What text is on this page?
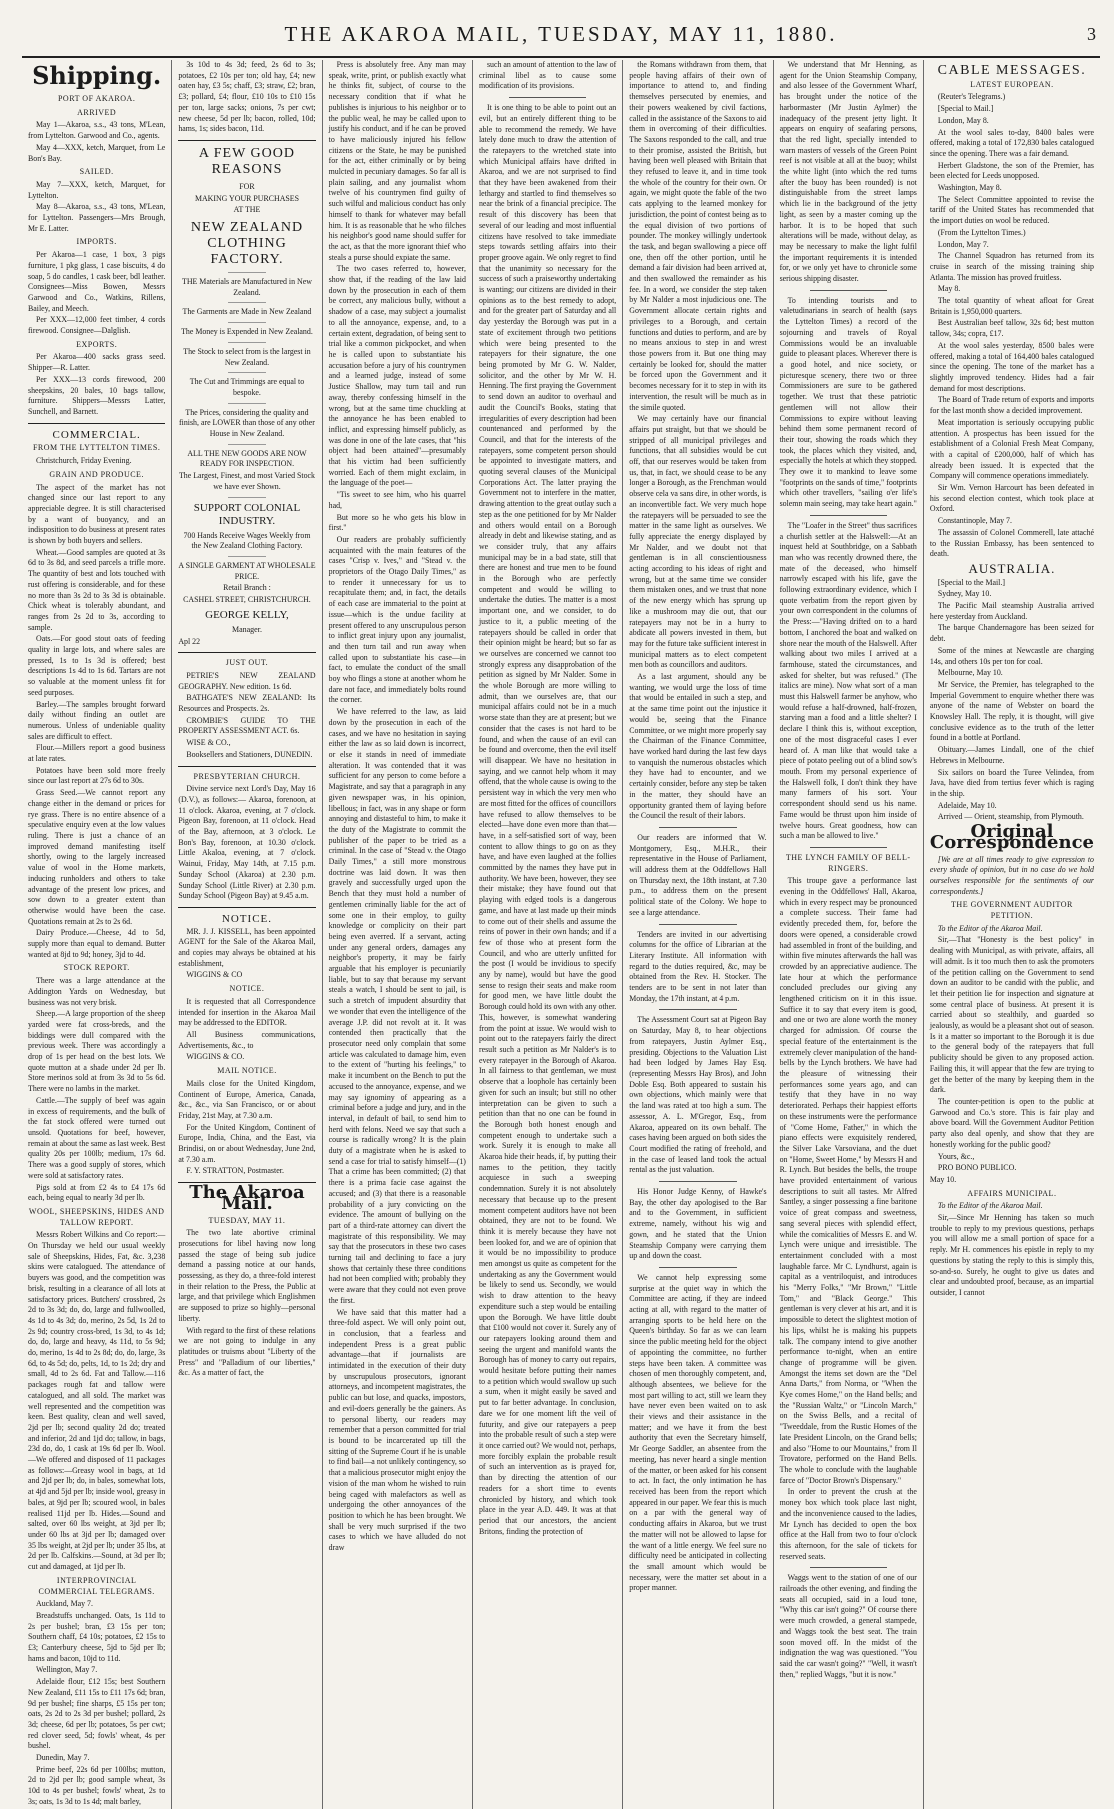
THE AKAROA MAIL, TUESDAY, MAY 11, 1880.	3
Shipping.
PORT OF AKAROA.
ARRIVED

May 1—Akaroa, s.s., 43 tons, M'Lean, from Lyttelton. Garwood and Co., agents.

May 4—XXX, ketch, Marquet, from Le Bon's Bay.

SAILED.

May 7—XXX, ketch, Marquet, for Lyttelton.

May 8—Akaroa, s.s., 43 tons, M'Lean, for Lyttelton. Passengers—Mrs Brough, Mr E. Latter.

IMPORTS.

Per Akaroa—1 case, 1 box, 3 pigs furniture, 1 pkg glass, 1 case biscuits, 4 do soap, 5 do candles, 1 cask beer, bdl leather. Consignees—Miss Bowen, Messrs Garwood and Co., Watkins, Rillens, Bailey, and Meech.

Per XXX—12,000 feet timber, 4 cords firewood. Consignee—Dalglish.

EXPORTS.

Per Akaroa—400 sacks grass seed. Shipper—R. Latter.

Per XXX—13 cords firewood, 200 sheepskins, 20 bales, 10 bags tallow, furniture. Shippers—Messrs Latter, Sunchell, and Barnett.

COMMERCIAL.
FROM THE LYTTELTON TIMES.

Christchurch, Friday Evening.

GRAIN AND PRODUCE.

The aspect of the market has not changed since our last report to any appreciable degree. It is still characterised by a want of buoyancy, and an indisposition to do business at present rates is shown by both buyers and sellers.

Wheat.—Good samples are quoted at 3s 6d to 3s 8d, and seed parcels a trifle more. The quantity of best and lots touched with rust offering is considerable, and for these no more than 3s 2d to 3s 3d is obtainable. Chick wheat is tolerably abundant, and ranges from 2s 2d to 3s, according to sample.

Oats.—For good stout oats of feeding quality in large lots, and where sales are pressed, 1s to 1s 3d is offered; best descriptions 1s 4d to 1s 6d. Tartars are not so valuable at the moment unless fit for seed purposes.

Barley.—The samples brought forward daily without finding an outlet are numerous. Unless of undeniable quality sales are difficult to effect.

Flour.—Millers report a good business at late rates.

Potatoes have been sold more freely since our last report at 27s 6d to 30s.

Grass Seed.—We cannot report any change either in the demand or prices for rye grass. There is no entire absence of a speculative enquiry even at the low values ruling. There is just a chance of an improved demand manifesting itself shortly, owing to the largely increased value of wool in the Home markets, inducing runholders and others to take advantage of the present low prices, and sow down to a greater extent than otherwise would have been the case. Quotations remain at 2s to 2s 6d.

Dairy Produce.—Cheese, 4d to 5d, supply more than equal to demand. Butter wanted at 8jd to 9d; honey, 3jd to 4d.

STOCK REPORT.

There was a large attendance at the Addington Yards on Wednesday, but business was not very brisk.

Sheep.—A large proportion of the sheep yarded were fat cross-breds, and the biddings were dull compared with the previous week. There was accordingly a drop of 1s per head on the best lots. We quote mutton at a shade under 2d per lb. Store merinos sold at from 3s 3d to 5s 6d. There were no lambs in the market.

Cattle.—The supply of beef was again in excess of requirements, and the bulk of the fat stock offered were turned out unsold. Quotations for beef, however, remain at about the same as last week. Best quality 20s per 100lb; medium, 17s 6d. There was a good supply of stores, which were sold at satisfactory rates.

Pigs sold at from £2 4s to £4 17s 6d each, being equal to nearly 3d per lb.

WOOL, SHEEPSKINS, HIDES AND TALLOW REPORT.

Messrs Robert Wilkins and Co report:—On Thursday we held our usual weekly sale of Sheepskins, Hides, Fat, &c. 3,238 skins were catalogued. The attendance of buyers was good, and the competition was brisk, resulting in a clearance of all lots at satisfactory prices. Butchers' crossbred, 2s 2d to 3s 3d; do, do, large and fullwoolled, 4s 1d to 4s 3d; do, merino, 2s 5d, 1s 2d to 2s 9d; country cross-bred, 1s 3d, to 4s 1d; do, do, large and heavy, 4s 11d, to 5s 9d; do, merino, 1s 4d to 2s 8d; do, do, large, 3s 6d, to 4s 5d; do, pelts, 1d, to 1s 2d; dry and small, 4d to 2s 6d. Fat and Tallow.—116 packages rough fat and tallow were catalogued, and all sold. The market was well represented and the competition was keen. Best quality, clean and well saved, 2jd per lb; second quality 2d do; treated and inferior, 2d and 1jd do; tallow, in bags, 23d do, do, 1 cask at 19s 6d per lb. Wool.—We offered and disposed of 11 packages as follows:—Greasy wool in bags, at 1d and 2jd per lb; do, in bales, somewhat lots, at 4jd and 5jd per lb; inside wool, greasy in bales, at 9jd per lb; scoured wool, in bales realised 11jd per lb. Hides.—Sound and salted, over 60 lbs weight, at 3jd per lb; under 60 lbs at 3jd per lb; damaged over 35 lbs weight, at 2jd per lb; under 35 lbs, at 2d per lb. Calfskins.—Sound, at 3d per lb; cut and damaged, at 1jd per lb.

INTERPROVINCIAL COMMERCIAL TELEGRAMS.

Auckland, May 7.

Breadstuffs unchanged. Oats, 1s 11d to 2s per bushel; bran, £3 15s per ton; Southern chaff, £4 10s; potatoes, £2 15s to £3; Canterbury cheese, 5jd to 5jd per lb; hams and bacon, 10jd to 11d.

Wellington, May 7.

Adelaide flour, £12 15s; best Southern New Zealand, £11 15s to £11 17s 6d; bran, 9d per bushel; fine sharps, £5 15s per ton; oats, 2s 2d to 2s 3d per bushel; pollard, 2s 3d; cheese, 6d per lb; potatoes, 5s per cwt; red clover seed, 5d; fowls' wheat, 4s per bushel.

Dunedin, May 7.

Prime beef, 22s 6d per 100lbs; mutton, 2d to 2jd per lb; good sample wheat, 3s 10d to 4s per bushel; fowls' wheat, 2s to 3s; oats, 1s 3d to 1s 4d; malt barley,

3s 10d to 4s 3d; feed, 2s 6d to 3s; potatoes, £2 10s per ton; old hay, £4; new oaten hay, £3 5s; chaff, £3; straw, £2; bran, £3; pollard, £4; flour, £10 10s to £10 15s per ton, large sacks; onions, 7s per cwt; new cheese, 5d per lb; bacon, rolled, 10d; hams, 1s; sides bacon, 11d.

A FEW GOOD REASONS

FOR

MAKING YOUR PURCHASES

AT THE

NEW ZEALAND CLOTHING FACTORY.

THE Materials are Manufactured in New Zealand.

The Garments are Made in New Zealand

The Money is Expended in New Zealand.

The Stock to select from is the largest in New Zealand.

The Cut and Trimmings are equal to bespoke.

The Prices, considering the quality and finish, are LOWER than those of any other House in New Zealand.

ALL THE NEW GOODS ARE NOW READY FOR INSPECTION.

The Largest, Finest, and most Varied Stock we have ever Shown.

SUPPORT COLONIAL INDUSTRY.

700 Hands Receive Wages Weekly from the New Zealand Clothing Factory.

A SINGLE GARMENT AT WHOLESALE PRICE.

Retail Branch :

CASHEL STREET, CHRISTCHURCH.

GEORGE KELLY,

Manager.

Apl 22

JUST OUT.

PETRIE'S NEW ZEALAND GEOGRAPHY. New edition. 1s 6d.

BATHGATE'S NEW ZEALAND: Its Resources and Prospects. 2s.

CROMBIE'S GUIDE TO THE PROPERTY ASSESSMENT ACT. 6s.

WISE & CO.,

Booksellers and Stationers, DUNEDIN.

PRESBYTERIAN CHURCH.

Divine service next Lord's Day, May 16 (D.V.), as follows:— Akaroa, forenoon, at 11 o'clock. Akaroa, evening, at 7 o'clock. Pigeon Bay, forenoon, at 11 o'clock. Head of the Bay, afternoon, at 3 o'clock. Le Bon's Bay, forenoon, at 10.30 o'clock. Little Akaloa, evening, at 7 o'clock. Wainui, Friday, May 14th, at 7.15 p.m. Sunday School (Akaroa) at 2.30 p.m. Sunday School (Little River) at 2.30 p.m. Sunday School (Pigeon Bay) at 9.45 a.m.

NOTICE.

MR. J. J. KISSELL, has been appointed AGENT for the Sale of the Akaroa Mail, and copies may always be obtained at his establishment,

WIGGINS & CO

NOTICE.

It is requested that all Correspondence intended for insertion in the Akaroa Mail may be addressed to the EDITOR.

All Business communications, Advertisements, &c., to

WIGGINS & CO.

MAIL NOTICE.

Mails close for the United Kingdom, Continent of Europe, America, Canada, &c., &c., via San Francisco, or or about Friday, 21st May, at 7.30 a.m.

For the United Kingdom, Continent of Europe, India, China, and the East, via Brindisi, on or about Wednesday, June 2nd, at 7.30 a.m.

F. Y. STRATTON, Postmaster.

The Akaroa Mail.
TUESDAY, MAY 11.

The two late abortive criminal prosecutions for libel having now long passed the stage of being sub judice demand a passing notice at our hands, possessing, as they do, a three-fold interest in their relation to the Press, the Public at large, and that privilege which Englishmen are supposed to prize so highly—personal liberty.

With regard to the first of these relations we are not going to indulge in any platitudes or truisms about "Liberty of the Press" and "Palladium of our liberties," &c. As a matter of fact, the

Press is absolutely free. Any man may speak, write, print, or publish exactly what he thinks fit, subject, of course to the necessary condition that if what he publishes is injurious to his neighbor or to the public weal, he may be called upon to justify his conduct, and if he can be proved to have maliciously injured his fellow citizens or the State, he may be punished for the act, either criminally or by being mulcted in pecuniary damages. So far all is plain sailing, and any journalist whom twelve of his countrymen find guilty of such wilful and malicious conduct has only himself to thank for whatever may befall him. It is as reasonable that he who filches his neighbor's good name should suffer for the act, as that the more ignorant thief who steals a purse should expiate the same.

The two cases referred to, however, show that, if the reading of the law laid down by the prosecution in each of them be correct, any malicious bully, without a shadow of a case, may subject a journalist to all the annoyance, expense, and, to a certain extent, degradation, of being sent to trial like a common pickpocket, and when he is called upon to substantiate his accusation before a jury of his countrymen and a learned judge, instead of some Justice Shallow, may turn tail and run away, thereby confessing himself in the wrong, but at the same time chuckling at the annoyance he has been enabled to inflict, and expressing himself publicly, as was done in one of the late cases, that "his object had been attained"—presumably that his victim had been sufficiently worried. Each of them might exclaim, in the language of the poet—

"Tis sweet to see him, who his quarrel had,

But more so he who gets his blow in first."

Our readers are probably sufficiently acquainted with the main features of the cases "Crisp v. Ives," and "Stead v. the proprietors of the Otago Daily Times," as to render it unnecessary for us to recapitulate them; and, in fact, the details of each case are immaterial to the point at issue—which is the undue facility at present offered to any unscrupulous person to inflict great injury upon any journalist, and then turn tail and run away when called upon to substantiate his case—in fact, to emulate the conduct of the small boy who flings a stone at another whom he dare not face, and immediately bolts round the corner.

We have referred to the law, as laid down by the prosecution in each of the cases, and we have no hesitation in saying either the law as so laid down is incorrect, or else it stands in need of immediate alteration. It was contended that it was sufficient for any person to come before a Magistrate, and say that a paragraph in any given newspaper was, in his opinion, libellous; in fact, was in any shape or form annoying and distasteful to him, to make it the duty of the Magistrate to commit the publisher of the paper to be tried as a criminal. In the case of "Stead v. the Otago Daily Times," a still more monstrous doctrine was laid down. It was then gravely and successfully urged upon the Bench that they must hold a number of gentlemen criminally liable for the act of some one in their employ, to guilty knowledge or complicity on their part being even averred. If a servant, acting under any general orders, damages any neighbor's property, it may be fairly arguable that his employer is pecuniarily liable, but to say that because my servant steals a watch, I should be sent to jail, is such a stretch of impudent absurdity that we wonder that even the intelligence of the average J.P. did not revolt at it. It was contended then practically that the prosecutor need only complain that some article was calculated to damage him, even to the extent of "hurting his feelings," to make it incumbent on the Bench to put the accused to the annoyance, expense, and we may say ignominy of appearing as a criminal before a judge and jury, and in the interval, in default of bail, to send him to herd with felons. Need we say that such a course is radically wrong? It is the plain duty of a magistrate when he is asked to send a case for trial to satisfy himself—(1) That a crime has been committed; (2) that there is a prima facie case against the accused; and (3) that there is a reasonable probability of a jury convicting on the evidence. The amount of bullying on the part of a third-rate attorney can divert the magistrate of this responsibility. We may say that the prosecutors in these two cases turning tail and declining to face a jury shows that certainly these three conditions had not been complied with; probably they were aware that they could not even prove the first.

We have said that this matter had a three-fold aspect. We will only point out, in conclusion, that a fearless and independent Press is a great public advantage—that if journalists are intimidated in the execution of their duty by unscrupulous prosecutors, ignorant attorneys, and incompetent magistrates, the public can but lose, and quacks, impostors, and evil-doers generally be the gainers. As to personal liberty, our readers may remember that a person committed for trial is bound to be incarcerated up till the sitting of the Supreme Court if he is unable to find bail—a not unlikely contingency, so that a malicious prosecutor might enjoy the vision of the man whom he wished to ruin being caged with malefactors as well as undergoing the other annoyances of the position to which he has been brought. We shall be very much surprised if the two cases to which we have alluded do not draw

such an amount of attention to the law of criminal libel as to cause some modification of its provisions.

It is one thing to be able to point out an evil, but an entirely different thing to be able to recommend the remedy. We have lately done much to draw the attention of the ratepayers to the wretched state into which Municipal affairs have drifted in Akaroa, and we are not surprised to find that they have been awakened from their lethargy and startled to find themselves so near the brink of a financial precipice. The result of this discovery has been that several of our leading and most influential citizens have resolved to take immediate steps towards settling affairs into their proper groove again. We only regret to find that the unanimity so necessary for the success of such a praiseworthy undertaking is wanting; our citizens are divided in their opinions as to the best remedy to adopt, and for the greater part of Saturday and all day yesterday the Borough was put in a state of excitement through two petitions which were being presented to the ratepayers for their signature, the one being promoted by Mr G. W. Nalder, solicitor, and the other by Mr W. H. Henning. The first praying the Government to send down an auditor to overhaul and audit the Council's Books, stating that irregularities of every description had been countenanced and performed by the Council, and that for the interests of the ratepayers, some competent person should be appointed to investigate matters, and quoting several clauses of the Municipal Corporations Act. The latter praying the Government not to interfere in the matter, drawing attention to the great outlay such a step as the one petitioned for by Mr Nalder and others would entail on a Borough already in debt and likewise stating, and as we consider truly, that any affairs municipal may be in a bad state, still that there are honest and true men to be found in the Borough who are perfectly competent and would be willing to undertake the duties. The matter is a most important one, and we consider, to do justice to it, a public meeting of the ratepayers should be called in order that their opinion might be heard; but so far as we ourselves are concerned we cannot too strongly express any disapprobation of the petition as signed by Mr Nalder. Some in the whole Borough are more willing to admit, than we ourselves are, that our municipal affairs could not be in a much worse state than they are at present; but we consider that the cases is not hard to be found, and when the cause of an evil can be found and overcome, then the evil itself will disappear. We have no hesitation in saying, and we cannot help whom it may offend, that the whole cause is owing to the persistent way in which the very men who are most fitted for the offices of councillors have refused to allow themselves to be elected—have done even more than that—have, in a self-satisfied sort of way, been content to allow things to go on as they have, and have even laughed at the follies committed by the names they have put in authority. We have been, however, they see their mistake; they have found out that playing with edged tools is a dangerous game, and have at last made up their minds to come out of their shells and assume the reins of power in their own hands; and if a few of those who at present form the Council, and who are utterly unfitted for the post (I would be invidious to specify any by name), would but have the good sense to resign their seats and make room for good men, we have little doubt the Borough could hold its own with any other. This, however, is somewhat wandering from the point at issue. We would wish to point out to the ratepayers fairly the direct result such a petition as Mr Nalder's is to every ratepayer in the Borough of Akaroa. In all fairness to that gentleman, we must observe that a loophole has certainly been given for such an insult; but still no other interpretation can be given to such a petition than that no one can be found in the Borough both honest enough and competent enough to undertake such a work. Surely it is enough to make all Akaroa hide their heads, if, by putting their names to the petition, they tacitly acquiesce in such a sweeping condemnation. Surely it is not absolutely necessary that because up to the present moment competent auditors have not been obtained, they are not to be found. We think it is merely because they have not been looked for, and we are of opinion that it would be no impossibility to produce men amongst us quite as competent for the undertaking as any the Government would be likely to send us. Secondly, we would wish to draw attention to the heavy expenditure such a step would be entailing upon the Borough. We have little doubt that £100 would not cover it. Surely any of our ratepayers looking around them and seeing the urgent and manifold wants the Borough has of money to carry out repairs, would hesitate before putting their names to a petition which would swallow up such a sum, when it might easily be saved and put to far better advantage. In conclusion, dare we for one moment lift the veil of futurity, and give our ratepayers a peep into the probable result of such a step were it once carried out? We would not, perhaps, more forcibly explain the probable result of such an intervention as is prayed for, than by directing the attention of our readers for a short time to events chronicled by history, and which took place in the year A.D. 449. It was at that period that our ancestors, the ancient Britons, finding the protection of

the Romans withdrawn from them, that people having affairs of their own of importance to attend to, and finding themselves persecuted by enemies, and their powers weakened by civil factions, called in the assistance of the Saxons to aid them in overcoming of their difficulties. The Saxons responded to the call, and true to their promise, assisted the British, but having been well pleased with Britain that they refused to leave it, and in time took the whole of the country for their own. Or again, we might quote the fable of the two cats applying to the learned monkey for jurisdiction, the point of contest being as to the equal division of two portions of pounder. The monkey willingly undertook the task, and began swallowing a piece off one, then off the other portion, until he demand a fair division had been arrived at, and then swallowed the remainder as his fee. In a word, we consider the step taken by Mr Nalder a most injudicious one. The Government allocate certain rights and privileges to a Borough, and certain functions and duties to perform, and are by no means anxious to step in and wrest those powers from it. But one thing may certainly be looked for, should the matter be forced upon the Government and it becomes necessary for it to step in with its intervention, the result will be much as in the simile quoted.

We may certainly have our financial affairs put straight, but that we should be stripped of all municipal privileges and functions, that all subsidies would be cut off, that our reserves would be taken from us, that, in fact, we should cease to be any longer a Borough, as the Frenchman would observe cela va sans dire, in other words, is an inconvertible fact. We very much hope the ratepayers will be persuaded to see the matter in the same light as ourselves. We fully appreciate the energy displayed by Mr Nalder, and we doubt not that gentleman is in all conscientiousness acting according to his ideas of right and wrong, but at the same time we consider them mistaken ones, and we trust that none of the new energy which has sprung up like a mushroom may die out, that our ratepayers may not be in a hurry to abdicate all powers invested in them, but may for the future take sufficient interest in municipal matters as to elect competent men both as councillors and auditors.

As a last argument, should any be wanting, we would urge the loss of time that would be entailed in such a step, and at the same time point out the injustice it would be, seeing that the Finance Committee, or we might more properly say the Chairman of the Finance Committee, have worked hard during the last few days to vanquish the numerous obstacles which they have had to encounter, and we certainly consider, before any step be taken in the matter, they should have an opportunity granted them of laying before the Council the result of their labors.

Our readers are informed that W. Montgomery, Esq., M.H.R., their representative in the House of Parliament, will address them at the Oddfellows Hall on Thursday next, the 18th instant, at 7.30 p.m., to address them on the present political state of the Colony. We hope to see a large attendance.

Tenders are invited in our advertising columns for the office of Librarian at the Literary Institute. All information with regard to the duties required, &c, may be obtained from the Rev. H. Stocker. The tenders are to be sent in not later than Monday, the 17th instant, at 4 p.m.

The Assessment Court sat at Pigeon Bay on Saturday, May 8, to hear objections from ratepayers, Justin Aylmer Esq., presiding. Objections to the Valuation List had been lodged by James Hay Esq. (representing Messrs Hay Bros), and John Doble Esq. Both appeared to sustain his own objections, which mainly were that the land was rated at too high a sum. The assessor, A. L. M'Gregor, Esq., from Akaroa, appeared on its own behalf. The cases having been argued on both sides the Court modified the rating of freehold, and in the case of leased land took the actual rental as the just valuation.

His Honor Judge Kenny, of Hawke's Bay, the other day apologised to the Bar and to the Government, in sufficient extreme, namely, without his wig and gown, and he stated that the Union Steamship Company were carrying them up and down the coast.

We cannot help expressing some surprise at the quiet way in which the Committee are acting, if they are indeed acting at all, with regard to the matter of arranging sports to be held here on the Queen's birthday. So far as we can learn since the public meeting held for the object of appointing the committee, no further steps have been taken. A committee was chosen of men thoroughly competent, and, although absentees, we believe for the most part willing to act, still we learn they have never even been waited on to ask their views and their assistance in the matter; and we have it from the best authority that even the Secretary himself, Mr George Saddler, an absentee from the meeting, has never heard a single mention of the matter, or been asked for his consent to act. In fact, the only intimation he has received has been from the report which appeared in our paper. We fear this is much on a par with the general way of conducting affairs in Akaroa, but we trust the matter will not be allowed to lapse for the want of a little energy. We feel sure no difficulty need be anticipated in collecting the small amount which would be necessary, were the matter set about in a proper manner.

We understand that Mr Henning, as agent for the Union Steamship Company, and also lessee of the Government Wharf, has brought under the notice of the harbormaster (Mr Justin Aylmer) the inadequacy of the present jetty light. It appears on enquiry of seafaring persons, that the red light, specially intended to warn masters of vessels of the Green Point reef is not visible at all at the buoy; whilst the white light (into which the red turns after the buoy has been rounded) is not distinguishable from the street lamps which lie in the background of the jetty light, as seen by a master coming up the harbor. It is to be hoped that such alterations will be made, without delay, as may be necessary to make the light fulfil the important requirements it is intended for, or we only yet have to chronicle some serious shipping disaster.

To intending tourists and to valetudinarians in search of health (says the Lyttelton Times) a record of the sojourning and travels of Royal Commissions would be an invaluable guide to pleasant places. Wherever there is a good hotel, and nice society, or picturesque scenery, there two or three Commissioners are sure to be gathered together. We trust that these patriotic gentlemen will not allow their Commissions to expire without leaving behind them some permanent record of their tour, showing the roads which they took, the places which they visited, and, especially the hotels at which they stopped. They owe it to mankind to leave some "footprints on the sands of time," footprints which other travellers, "sailing o'er life's solemn main seeing, may take heart again."

The "Loafer in the Street" thus sacrifices a churlish settler at the Halswell:—At an inquest held at Southbridge, on a Sabbath man who was recently drowned there, the mate of the deceased, who himself narrowly escaped with his life, gave the following extraordinary evidence, which I quote verbatim from the report given by your own correspondent in the columns of the Press:—"Having drifted on to a hard bottom, I anchored the boat and walked on shore near the mouth of the Halswell. After walking about two miles I arrived at a farmhouse, stated the circumstances, and asked for shelter, but was refused." (The italics are mine). Now what sort of a man must this Halswell farmer be anyhow, who would refuse a half-drowned, half-frozen, starving man a food and a little shelter? I declare I think this is, without exception, one of the most disgraceful cases I ever heard of. A man like that would take a piece of potato peeling out of a blind sow's mouth. From my personal experience of the Halswell folk, I don't think they have many farmers of his sort. Your correspondent should send us his name. Fame would be thrust upon him inside of twelve hours. Great goodness, how can such a man be allowed to live."

THE LYNCH FAMILY OF BELL-RINGERS.

This troupe gave a performance last evening in the Oddfellows' Hall, Akaroa, which in every respect may be pronounced a complete success. Their fame had evidently preceded them, for, before the doors were opened, a considerable crowd had assembled in front of the building, and within five minutes afterwards the hall was crowded by an appreciative audience. The late hour at which the performance concluded precludes our giving any lengthened criticism on it in this issue. Suffice it to say that every item is good, and one or two are alone worth the money charged for admission. Of course the special feature of the entertainment is the extremely clever manipulation of the hand-bells by the Lynch brothers. We have had the pleasure of witnessing their performances some years ago, and can testify that they have in no way deteriorated. Perhaps their happiest efforts on these instruments were the performance of "Come Home, Father," in which the piano effects were exquisitely rendered, the Silver Lake Varsoviana, and the duet on "Home, Sweet Home," by Messrs H and R. Lynch. But besides the bells, the troupe have provided entertainment of various descriptions to suit all tastes. Mr Alfred Santley, a singer possessing a fine baritone voice of great compass and sweetness, sang several pieces with splendid effect, while the comicalities of Messrs E. and W. Lynch were unique and irresistible. The entertainment concluded with a most laughable farce. Mr C. Lyndhurst, again is capital as a ventriloquist, and introduces his "Merry Folks," "Mr Brown," "Little Tom," and "Black George." This gentleman is very clever at his art, and it is impossible to detect the slightest motion of his lips, whilst he is making his puppets talk. The company intend to give another performance to-night, when an entire change of programme will be given. Amongst the items set down are the "Del Anna Darts," from Norma, or "When the Kye comes Home," on the Hand bells; and the "Russian Waltz," or "Lincoln March," on the Swiss Bells, and a recital of "Tweeddale, from the Rustic Homes of the late President Lincoln, on the Grand bells; and also "Home to our Mountains," from Il Trovatore, performed on the Hand Bells. The whole to conclude with the laughable farce of "Doctor Brown's Dispensary."

In order to prevent the crush at the money box which took place last night, and the inconvenience caused to the ladies, Mr Lynch has decided to open the box office at the Hall from two to four o'clock this afternoon, for the sale of tickets for reserved seats.

Waggs went to the station of one of our railroads the other evening, and finding the seats all occupied, said in a loud tone, "Why this car isn't going?" Of course there were much crowded, a general stampede, and Waggs took the best seat. The train soon moved off. In the midst of the indignation the wag was questioned. "You said the car wasn't going?" "Well, it wasn't then," replied Waggs, "but it is now."

CABLE MESSAGES.
LATEST EUROPEAN.

(Reuter's Telegrams.)

[Special to Mail.]

London, May 8.

At the wool sales to-day, 8400 bales were offered, making a total of 172,830 bales catalogued since the opening. There was a fair demand.

Herbert Gladstone, the son of the Premier, has been elected for Leeds unopposed.

Washington, May 8.

The Select Committee appointed to revise the tariff of the United States has recommended that the import duties on wool be reduced.

(From the Lyttelton Times.)

London, May 7.

The Channel Squadron has returned from its cruise in search of the missing training ship Atlanta. The mission has proved fruitless.

May 8.

The total quantity of wheat afloat for Great Britain is 1,950,000 quarters.

Best Australian beef tallow, 32s 6d; best mutton tallow, 34s; copra, £17.

At the wool sales yesterday, 8500 bales were offered, making a total of 164,400 bales catalogued since the opening. The tone of the market has a slightly improved tendency. Hides had a fair demand for most descriptions.

The Board of Trade return of exports and imports for the last month show a decided improvement.

Meat importation is seriously occupying public attention. A prospectus has been issued for the establishment of a Colonial Fresh Meat Company, with a capital of £200,000, half of which has already been issued. It is expected that the Company will commence operations immediately.

Sir Wm. Vernon Harcourt has been defeated in his second election contest, which took place at Oxford.

Constantinople, May 7.

The assassin of Colonel Commerell, late attaché to the Russian Embassy, has been sentenced to death.

AUSTRALIA.

[Special to the Mail.]

Sydney, May 10.

The Pacific Mail steamship Australia arrived here yesterday from Auckland.

The barque Chandernagore has been seized for debt.

Some of the mines at Newcastle are charging 14s, and others 10s per ton for coal.

Melbourne, May 10.

Mr Service, the Premier, has telegraphed to the Imperial Government to enquire whether there was anyone of the name of Webster on board the Knowsley Hall. The reply, it is thought, will give conclusive evidence as to the truth of the letter found in a bottle at Portland.

Obituary.—James Lindall, one of the chief Hebrews in Melbourne.

Six sailors on board the Turee Velindea, from Java, have died from tertius fever which is raging in the ship.

Adelaide, May 10.

Arrived — Orient, steamship, from Plymouth.

Original Correspondence

[We are at all times ready to give expression to every shade of opinion, but in no case do we hold ourselves responsible for the sentiments of our correspondents.]

THE GOVERNMENT AUDITOR PETITION.

To the Editor of the Akaroa Mail.

Sir,—That "Honesty is the best policy" in dealing with Municipal, as with private, affairs, all will admit. Is it too much then to ask the promoters of the petition calling on the Government to send down an auditor to be candid with the public, and let their petition lie for inspection and signature at some central place of business. At present it is carried about so stealthily, and guarded so jealously, as would be a pleasant shot out of season. Is it a matter so important to the Borough it is due to the general body of the ratepayers that full publicity should be given to any proposed action. Failing this, it will appear that the few are trying to get the better of the many by keeping them in the dark.

The counter-petition is open to the public at Garwood and Co.'s store. This is fair play and above board. Will the Government Auditor Petition party also deal openly, and show that they are honestly working for the public good?

Yours, &c.,

PRO BONO PUBLICO.

May 10.

AFFAIRS MUNICIPAL.

To the Editor of the Akaroa Mail.

Sir,—Since Mr Henning has taken so much trouble to reply to my previous questions, perhaps you will allow me a small portion of space for a reply. Mr H. commences his epistle in reply to my questions by stating the reply to this is simply this, so-and-so. Surely, he ought to give us dates and clear and undoubted proof, because, as an impartial outsider, I cannot
